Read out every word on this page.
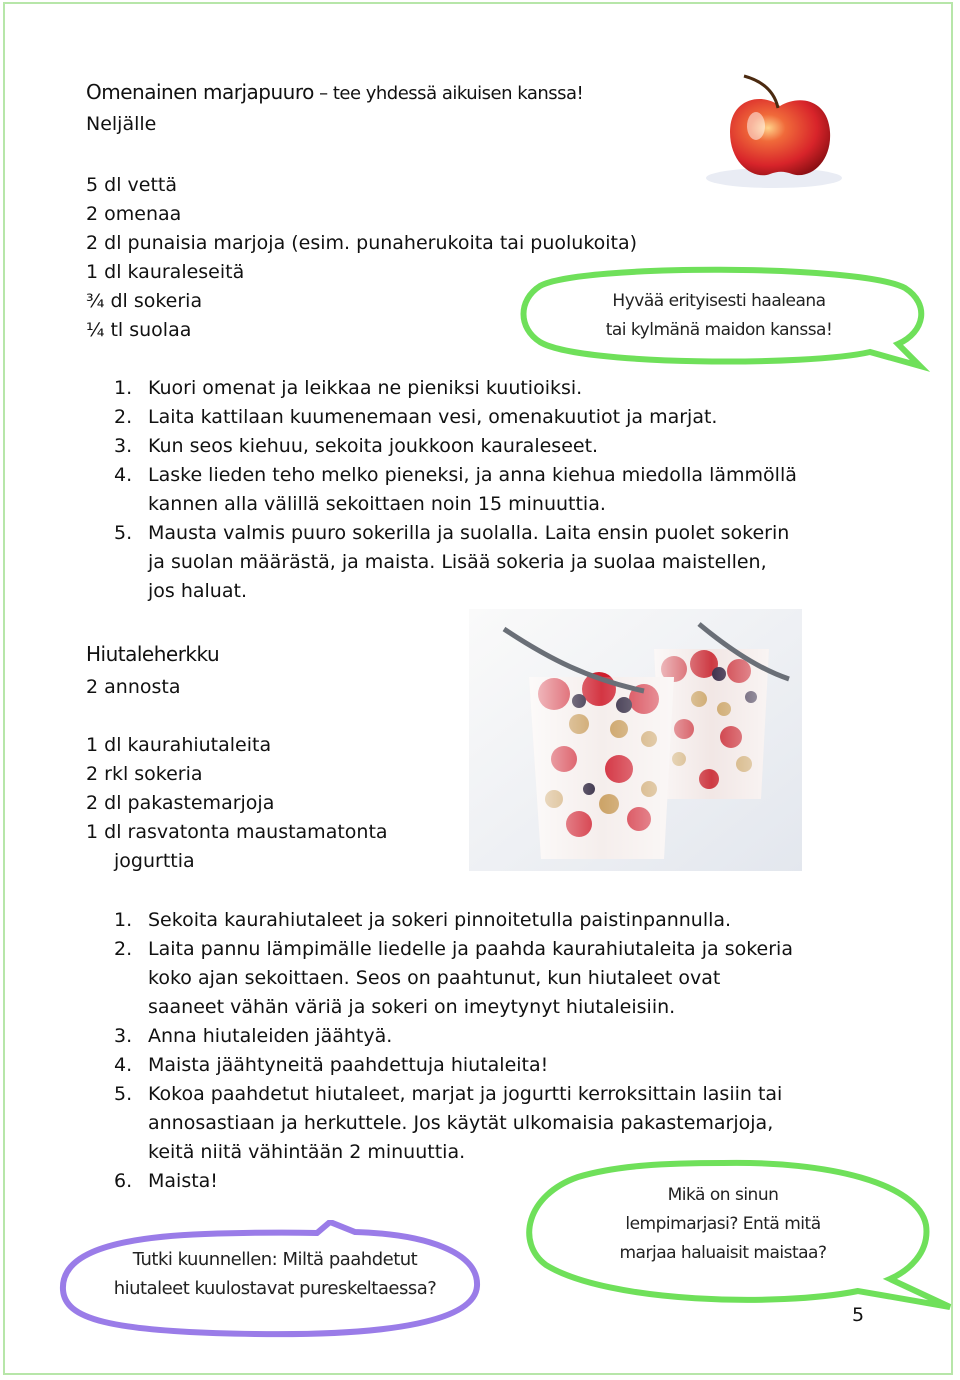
Omenainen marjapuuro – tee yhdessä aikuisen kanssa!
Neljälle
5 dl vettä
2 omenaa
2 dl punaisia marjoja (esim. punaherukoita tai puolukoita)
1 dl kauraleseitä
¾ dl sokeria
¼ tl suolaa
Hyvää erityisesti haaleana
tai kylmänä maidon kanssa!
1. Kuori omenat ja leikkaa ne pieniksi kuutioiksi.
2. Laita kattilaan kuumenemaan vesi, omenakuutiot ja marjat.
3. Kun seos kiehuu, sekoita joukkoon kauraleseet.
4. Laske lieden teho melko pieneksi, ja anna kiehua miedolla lämmöllä
kannen alla välillä sekoittaen noin 15 minuuttia.
5. Mausta valmis puuro sokerilla ja suolalla. Laita ensin puolet sokerin
ja suolan määrästä, ja maista. Lisää sokeria ja suolaa maistellen,
jos haluat.
Hiutaleherkku
2 annosta
1 dl kaurahiutaleita
2 rkl sokeria
2 dl pakastemarjoja
1 dl rasvatonta maustamatonta
jogurttia
1. Sekoita kaurahiutaleet ja sokeri pinnoitetulla paistinpannulla.
2. Laita pannu lämpimälle liedelle ja paahda kaurahiutaleita ja sokeria
koko ajan sekoittaen. Seos on paahtunut, kun hiutaleet ovat
saaneet vähän väriä ja sokeri on imeytynyt hiutaleisiin.
3. Anna hiutaleiden jäähtyä.
4. Maista jäähtyneitä paahdettuja hiutaleita!
5. Kokoa paahdetut hiutaleet, marjat ja jogurtti kerroksittain lasiin tai
annosastiaan ja herkuttele. Jos käytät ulkomaisia pakastemarjoja,
keitä niitä vähintään 2 minuuttia.
6. Maista!
Mikä on sinun
lempimarjasi? Entä mitä
marjaa haluaisit maistaa?
Tutki kuunnellen: Miltä paahdetut
hiutaleet kuulostavat pureskeltaessa?
5
